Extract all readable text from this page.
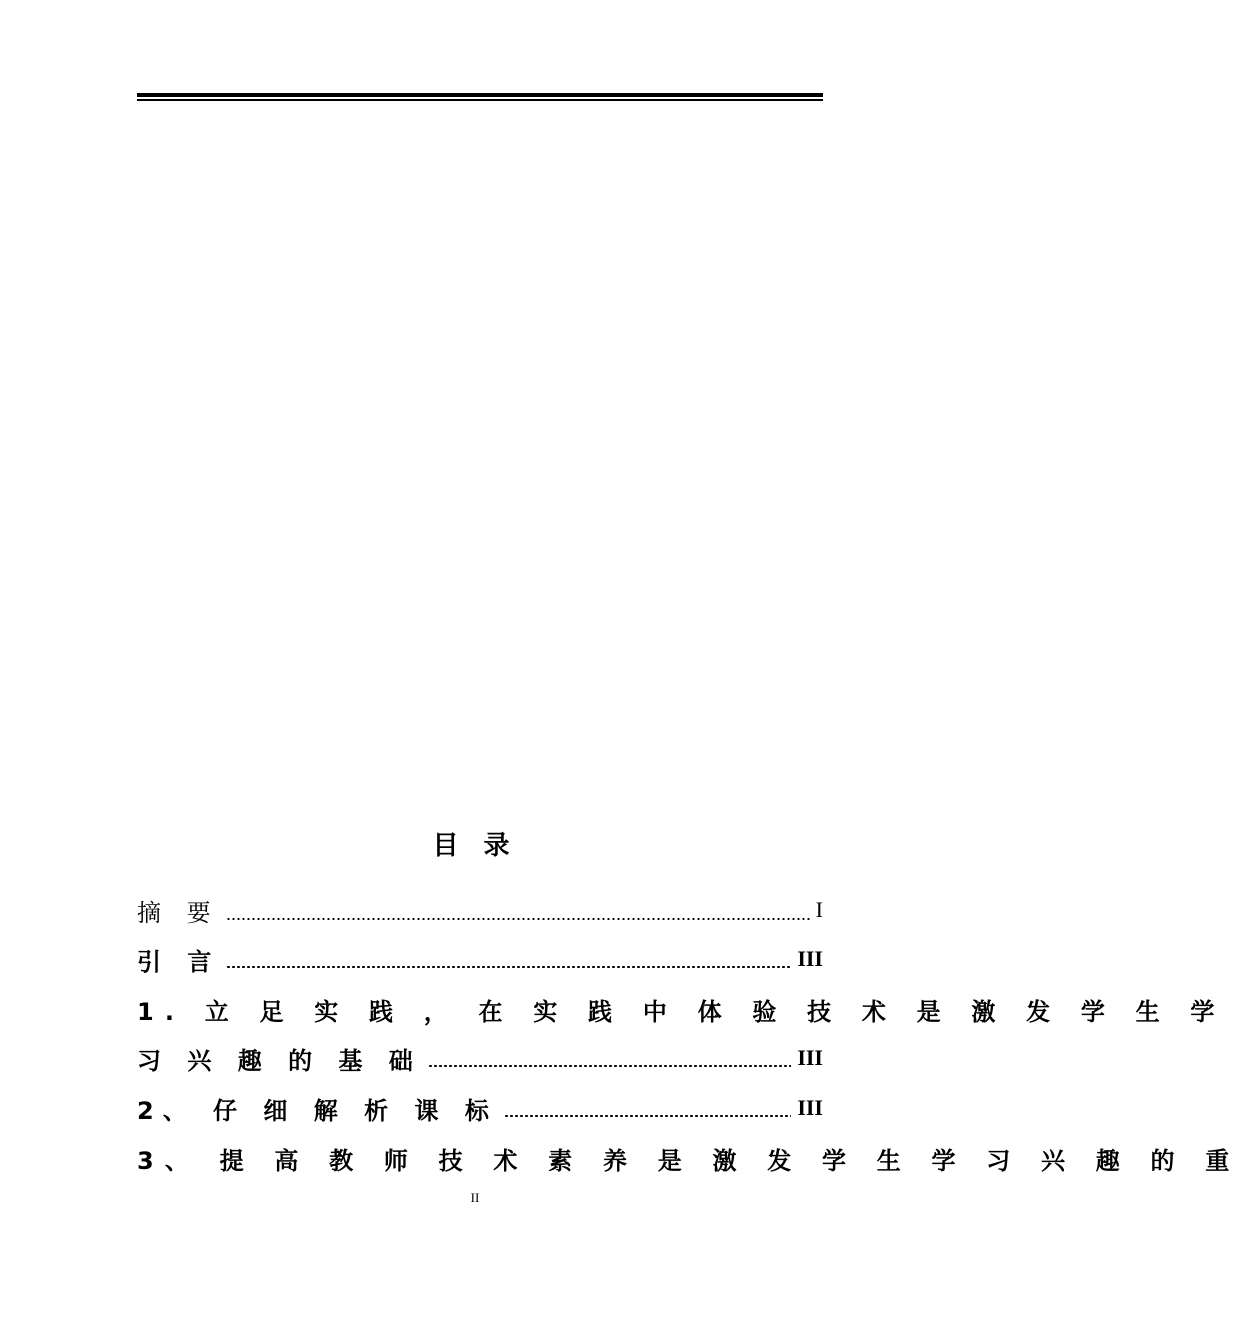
目 录
摘 要	I
引 言	III
1. 立 足 实 践 ， 在 实 践 中 体 验 技 术 是 激 发 学 生 学
习 兴 趣 的 基 础	III
2、 仔 细 解 析 课 标	III
3、 提 高 教 师 技 术 素 养 是 激 发 学 生 学 习 兴 趣 的 重
II
